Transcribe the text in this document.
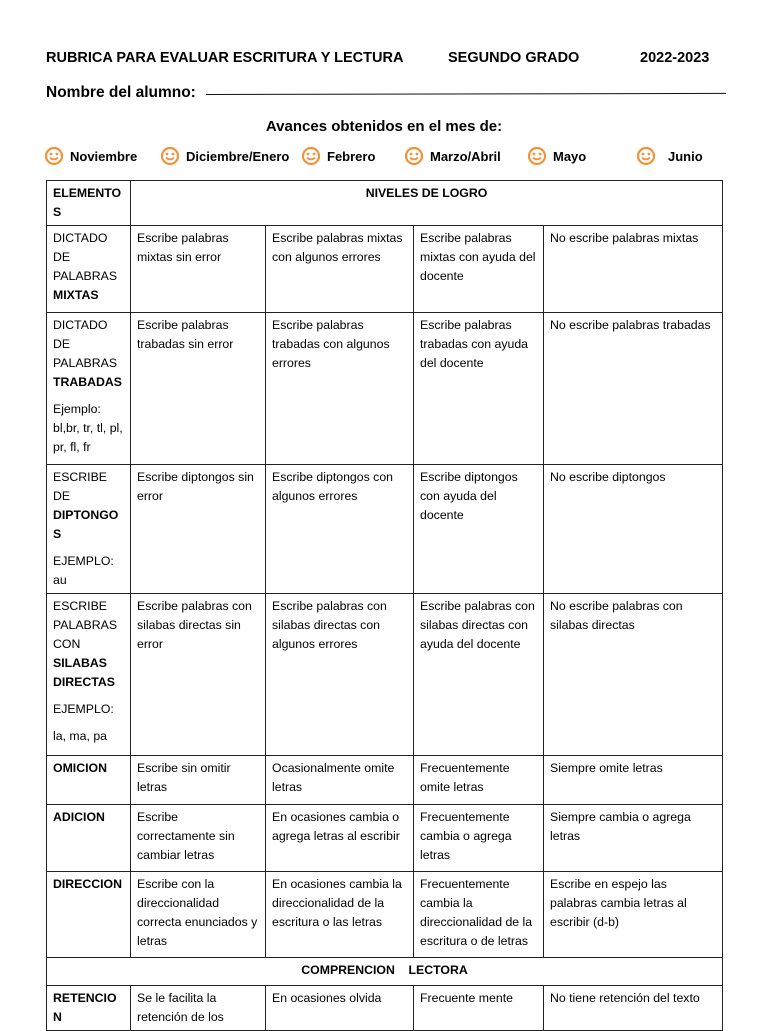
RUBRICA PARA EVALUAR ESCRITURA Y LECTURA	SEGUNDO GRADO	2022-2023
Nombre del alumno:
Avances obtenidos en el mes de:
Noviembre	Diciembre/Enero	Febrero	Marzo/Abril	Mayo	Junio
ELEMENTOS	NIVELES DE LOGRO			

DICTADO DE PALABRAS
MIXTAS	Escribe palabras mixtas sin error	Escribe palabras mixtas con algunos errores	Escribe palabras mixtas con ayuda del docente	No escribe palabras mixtas

DICTADO DE PALABRAS
TRABADAS
Ejemplo: bl,br, tr, tl, pl, pr, fl, fr	Escribe palabras trabadas sin error	Escribe palabras trabadas con algunos errores	Escribe palabras trabadas con ayuda del docente	No escribe palabras trabadas

ESCRIBE DE
DIPTONGOS
EJEMPLO: au	Escribe diptongos sin error	Escribe diptongos con algunos errores	Escribe diptongos con ayuda del docente	No escribe diptongos

ESCRIBE PALABRAS CON
SILABAS DIRECTAS
EJEMPLO:
la, ma, pa	Escribe palabras con silabas directas sin error	Escribe palabras con silabas directas con algunos errores	Escribe palabras con silabas directas con ayuda del docente	No escribe palabras con silabas directas
OMICION	Escribe sin omitir letras	Ocasionalmente omite letras	Frecuentemente omite letras	Siempre omite letras
ADICION	Escribe correctamente sin cambiar letras	En ocasiones cambia o agrega letras al escribir	Frecuentemente cambia o agrega letras	Siempre cambia o agrega letras
DIRECCION	Escribe con la direccionalidad correcta enunciados y letras	En ocasiones cambia la direccionalidad de la escritura o las letras	Frecuentemente cambia la direccionalidad de la escritura o de letras	Escribe en espejo las palabras cambia letras al escribir (d-b)
COMPRENCION    LECTORA				
RETENCION	Se le facilita la retención de los	En ocasiones olvida	Frecuente mente	No tiene retención del texto
